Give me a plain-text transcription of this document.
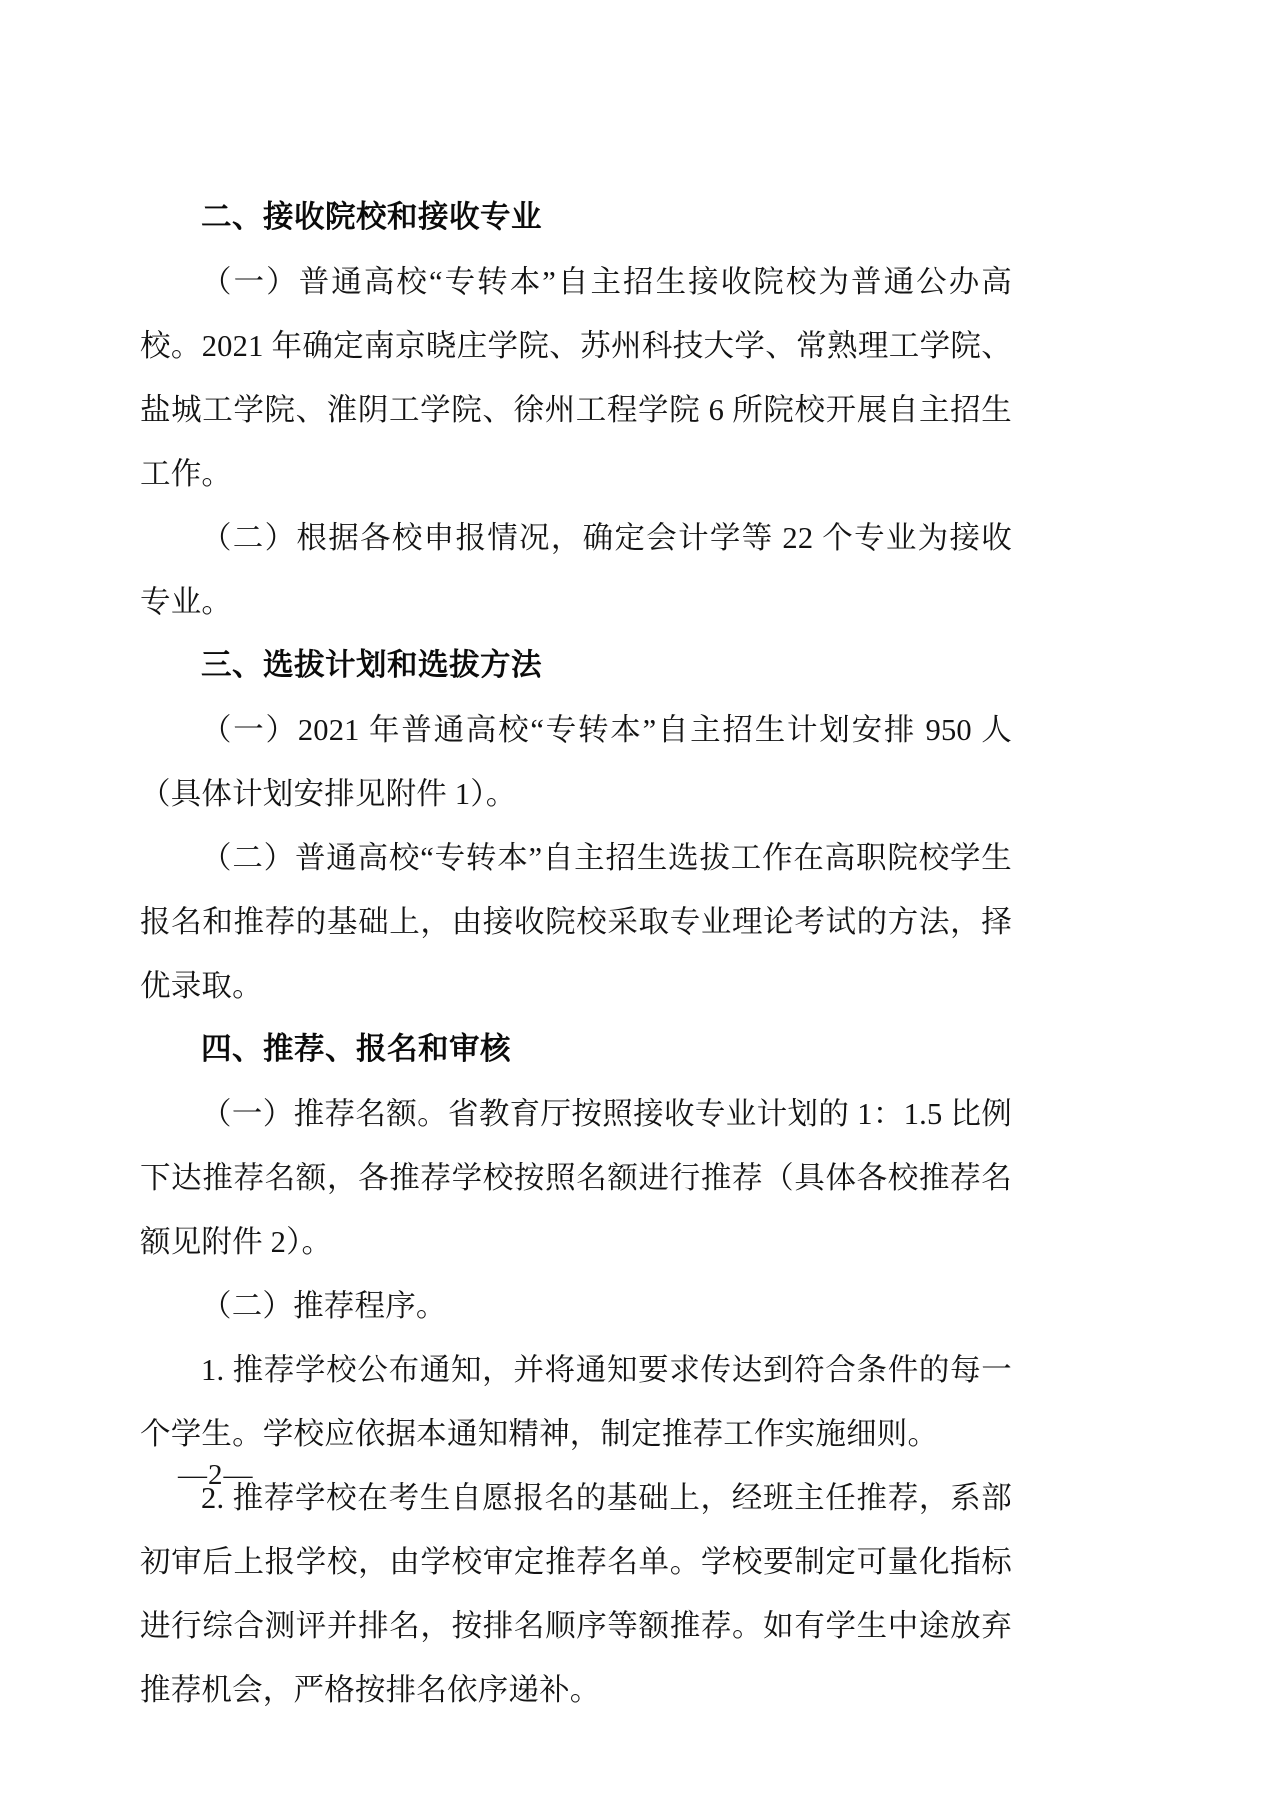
二、接收院校和接收专业

（一）普通高校“专转本”自主招生接收院校为普通公办高校。2021 年确定南京晓庄学院、苏州科技大学、常熟理工学院、盐城工学院、淮阴工学院、徐州工程学院 6 所院校开展自主招生工作。

（二）根据各校申报情况，确定会计学等 22 个专业为接收专业。

三、选拔计划和选拔方法

（一）2021 年普通高校“专转本”自主招生计划安排 950 人（具体计划安排见附件 1）。

（二）普通高校“专转本”自主招生选拔工作在高职院校学生报名和推荐的基础上，由接收院校采取专业理论考试的方法，择优录取。

四、推荐、报名和审核

（一）推荐名额。省教育厅按照接收专业计划的 1：1.5 比例下达推荐名额，各推荐学校按照名额进行推荐（具体各校推荐名额见附件 2）。

（二）推荐程序。

1. 推荐学校公布通知，并将通知要求传达到符合条件的每一个学生。学校应依据本通知精神，制定推荐工作实施细则。

2. 推荐学校在考生自愿报名的基础上，经班主任推荐，系部初审后上报学校，由学校审定推荐名单。学校要制定可量化指标进行综合测评并排名，按排名顺序等额推荐。如有学生中途放弃推荐机会，严格按排名依序递补。

—2—
